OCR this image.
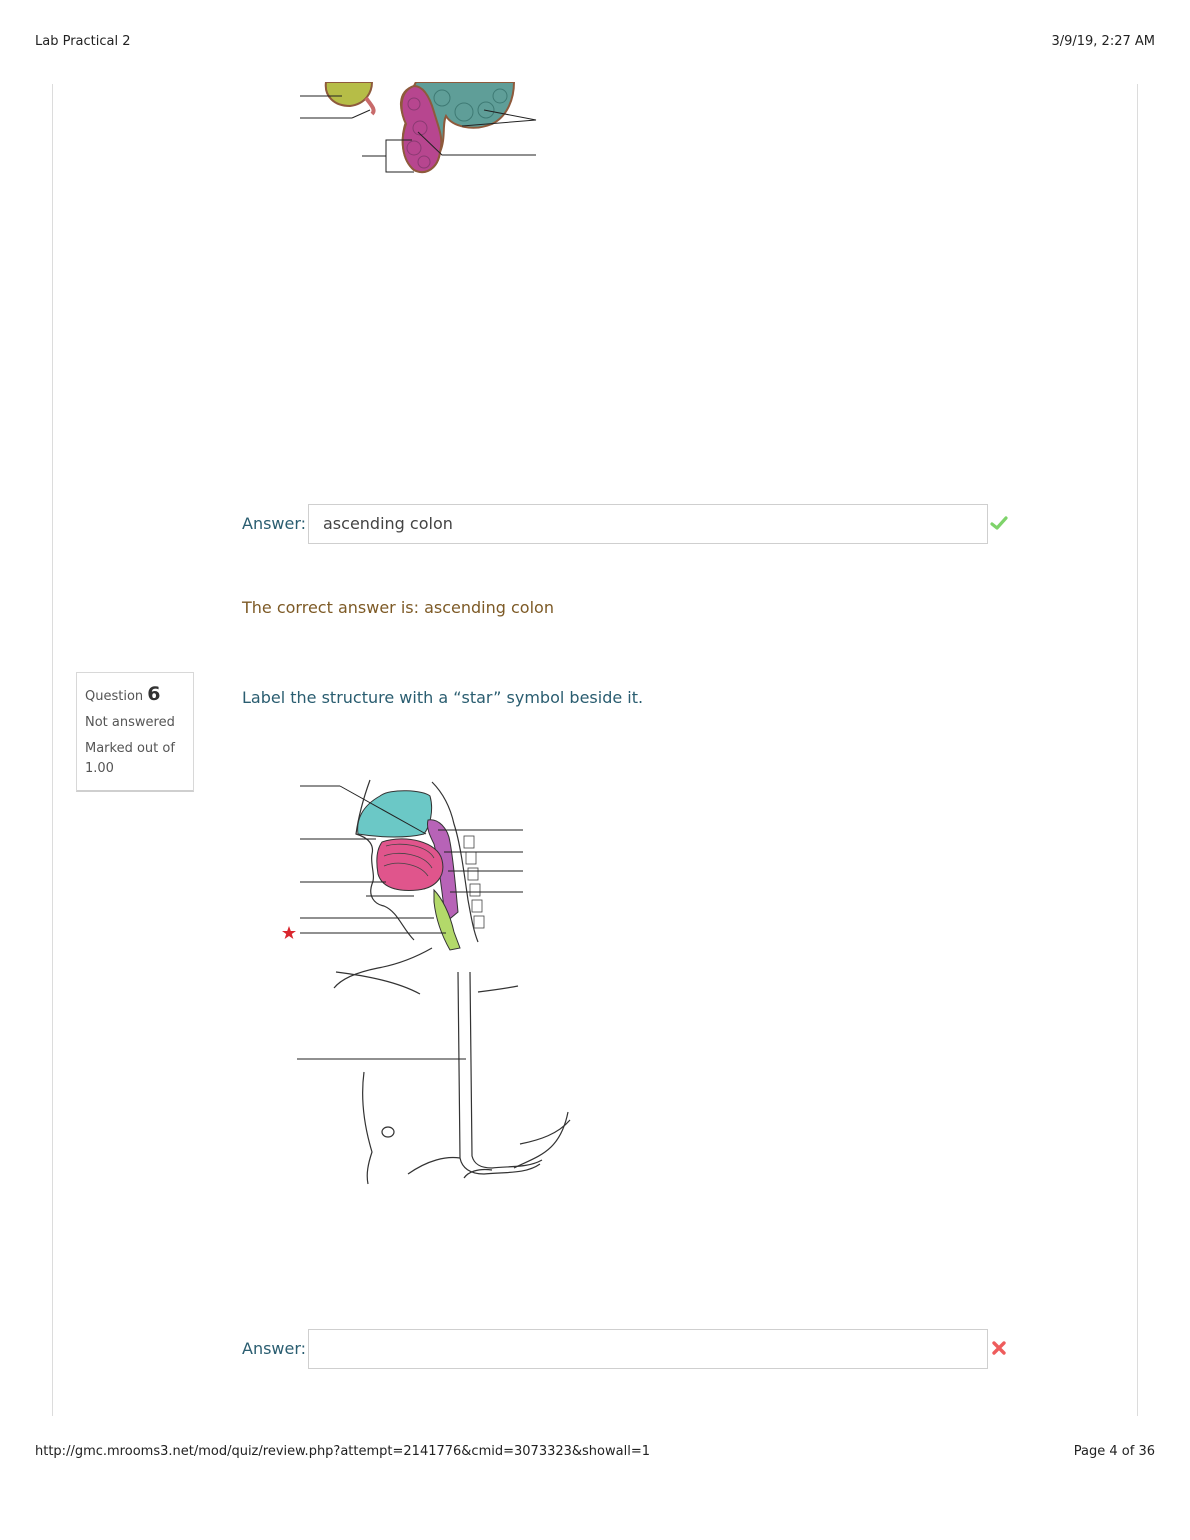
Lab Practical 2	3/9/19, 2:27 AM
Answer:	ascending colon
The correct answer is: ascending colon
Question 6
Not answered
Marked out of 1.00
Label the structure with a “star” symbol beside it.
Answer:
http://gmc.mrooms3.net/mod/quiz/review.php?attempt=2141776&cmid=3073323&showall=1	Page 4 of 36
